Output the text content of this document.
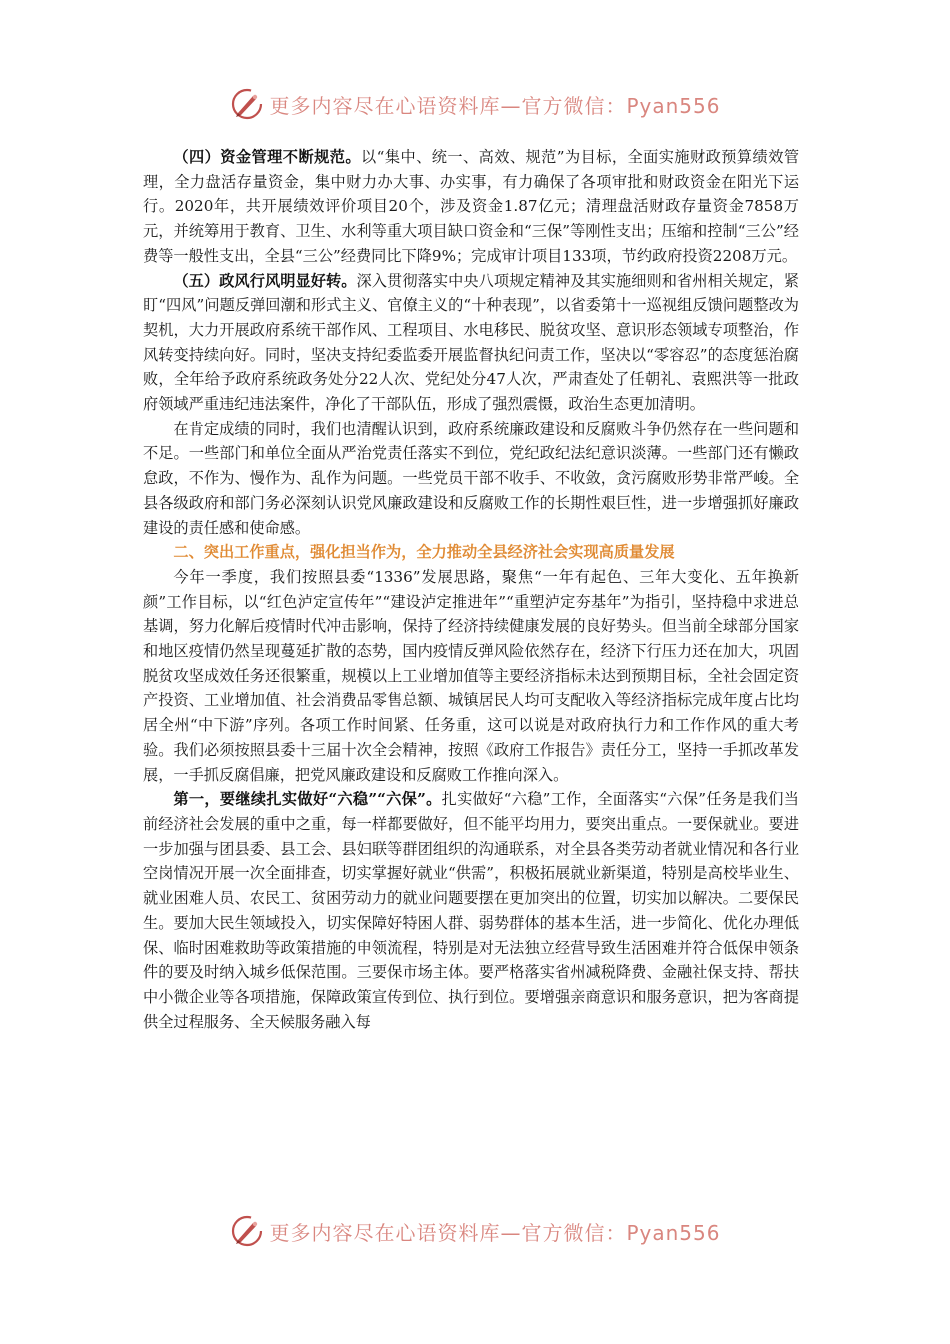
更多内容尽在心语资料库—官方微信：Pyan556

（四）资金管理不断规范。以“集中、统一、高效、规范”为目标，全面实施财政预算绩效管理，全力盘活存量资金，集中财力办大事、办实事，有力确保了各项审批和财政资金在阳光下运行。2020年，共开展绩效评价项目20个，涉及资金1.87亿元；清理盘活财政存量资金7858万元，并统筹用于教育、卫生、水利等重大项目缺口资金和“三保”等刚性支出；压缩和控制“三公”经费等一般性支出，全县“三公”经费同比下降9%；完成审计项目133项，节约政府投资2208万元。

（五）政风行风明显好转。深入贯彻落实中央八项规定精神及其实施细则和省州相关规定，紧盯“四风”问题反弹回潮和形式主义、官僚主义的“十种表现”，以省委第十一巡视组反馈问题整改为契机，大力开展政府系统干部作风、工程项目、水电移民、脱贫攻坚、意识形态领域专项整治，作风转变持续向好。同时，坚决支持纪委监委开展监督执纪问责工作，坚决以“零容忍”的态度惩治腐败，全年给予政府系统政务处分22人次、党纪处分47人次，严肃查处了任朝礼、袁熙洪等一批政府领域严重违纪违法案件，净化了干部队伍，形成了强烈震慑，政治生态更加清明。

在肯定成绩的同时，我们也清醒认识到，政府系统廉政建设和反腐败斗争仍然存在一些问题和不足。一些部门和单位全面从严治党责任落实不到位，党纪政纪法纪意识淡薄。一些部门还有懒政怠政，不作为、慢作为、乱作为问题。一些党员干部不收手、不收敛，贪污腐败形势非常严峻。全县各级政府和部门务必深刻认识党风廉政建设和反腐败工作的长期性艰巨性，进一步增强抓好廉政建设的责任感和使命感。

二、突出工作重点，强化担当作为，全力推动全县经济社会实现高质量发展

今年一季度，我们按照县委“1336”发展思路，聚焦“一年有起色、三年大变化、五年换新颜”工作目标，以“红色泸定宣传年”“建设泸定推进年”“重塑泸定夯基年”为指引，坚持稳中求进总基调，努力化解后疫情时代冲击影响，保持了经济持续健康发展的良好势头。但当前全球部分国家和地区疫情仍然呈现蔓延扩散的态势，国内疫情反弹风险依然存在，经济下行压力还在加大，巩固脱贫攻坚成效任务还很繁重，规模以上工业增加值等主要经济指标未达到预期目标，全社会固定资产投资、工业增加值、社会消费品零售总额、城镇居民人均可支配收入等经济指标完成年度占比均居全州“中下游”序列。各项工作时间紧、任务重，这可以说是对政府执行力和工作作风的重大考验。我们必须按照县委十三届十次全会精神，按照《政府工作报告》责任分工，坚持一手抓改革发展，一手抓反腐倡廉，把党风廉政建设和反腐败工作推向深入。

第一，要继续扎实做好“六稳”“六保”。扎实做好“六稳”工作，全面落实“六保”任务是我们当前经济社会发展的重中之重，每一样都要做好，但不能平均用力，要突出重点。一要保就业。要进一步加强与团县委、县工会、县妇联等群团组织的沟通联系，对全县各类劳动者就业情况和各行业空岗情况开展一次全面排查，切实掌握好就业“供需”，积极拓展就业新渠道，特别是高校毕业生、就业困难人员、农民工、贫困劳动力的就业问题要摆在更加突出的位置，切实加以解决。二要保民生。要加大民生领域投入，切实保障好特困人群、弱势群体的基本生活，进一步简化、优化办理低保、临时困难救助等政策措施的申领流程，特别是对无法独立经营导致生活困难并符合低保申领条件的要及时纳入城乡低保范围。三要保市场主体。要严格落实省州减税降费、金融社保支持、帮扶中小微企业等各项措施，保障政策宣传到位、执行到位。要增强亲商意识和服务意识，把为客商提供全过程服务、全天候服务融入每

更多内容尽在心语资料库—官方微信：Pyan556
